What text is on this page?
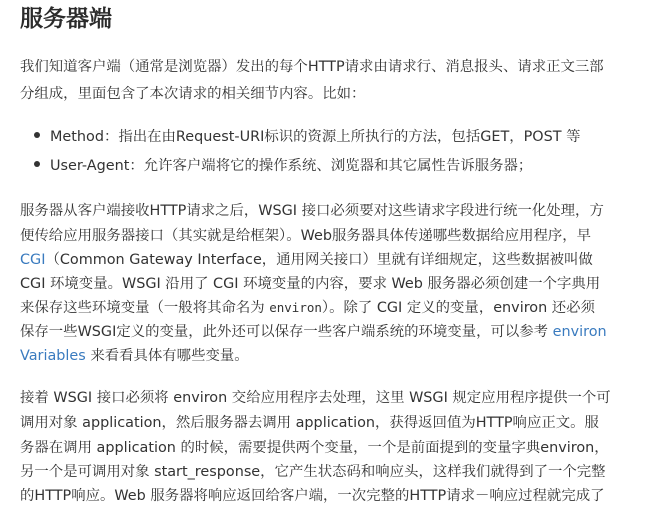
服务器端
我们知道客户端（通常是浏览器）发出的每个HTTP请求由请求行、消息报头、请求正文三部
分组成，里面包含了本次请求的相关细节内容。比如：
Method：指出在由Request-URI标识的资源上所执行的方法，包括GET，POST 等
User-Agent：允许客户端将它的操作系统、浏览器和其它属性告诉服务器；
服务器从客户端接收HTTP请求之后，WSGI 接口必须要对这些请求字段进行统一化处理，方
便传给应用服务器接口（其实就是给框架）。Web服务器具体传递哪些数据给应用程序，早
CGI（Common Gateway Interface，通用网关接口）里就有详细规定，这些数据被叫做
CGI 环境变量。WSGI 沿用了 CGI 环境变量的内容，要求 Web 服务器必须创建一个字典用
来保存这些环境变量（一般将其命名为 environ）。除了 CGI 定义的变量，environ 还必须
保存一些WSGI定义的变量，此外还可以保存一些客户端系统的环境变量，可以参考 environ
Variables 来看看具体有哪些变量。
接着 WSGI 接口必须将 environ 交给应用程序去处理，这里 WSGI 规定应用程序提供一个可
调用对象 application，然后服务器去调用 application，获得返回值为HTTP响应正文。服
务器在调用 application 的时候，需要提供两个变量，一个是前面提到的变量字典environ，
另一个是可调用对象 start_response，它产生状态码和响应头，这样我们就得到了一个完整
的HTTP响应。Web 服务器将响应返回给客户端，一次完整的HTTP请求－响应过程就完成了
